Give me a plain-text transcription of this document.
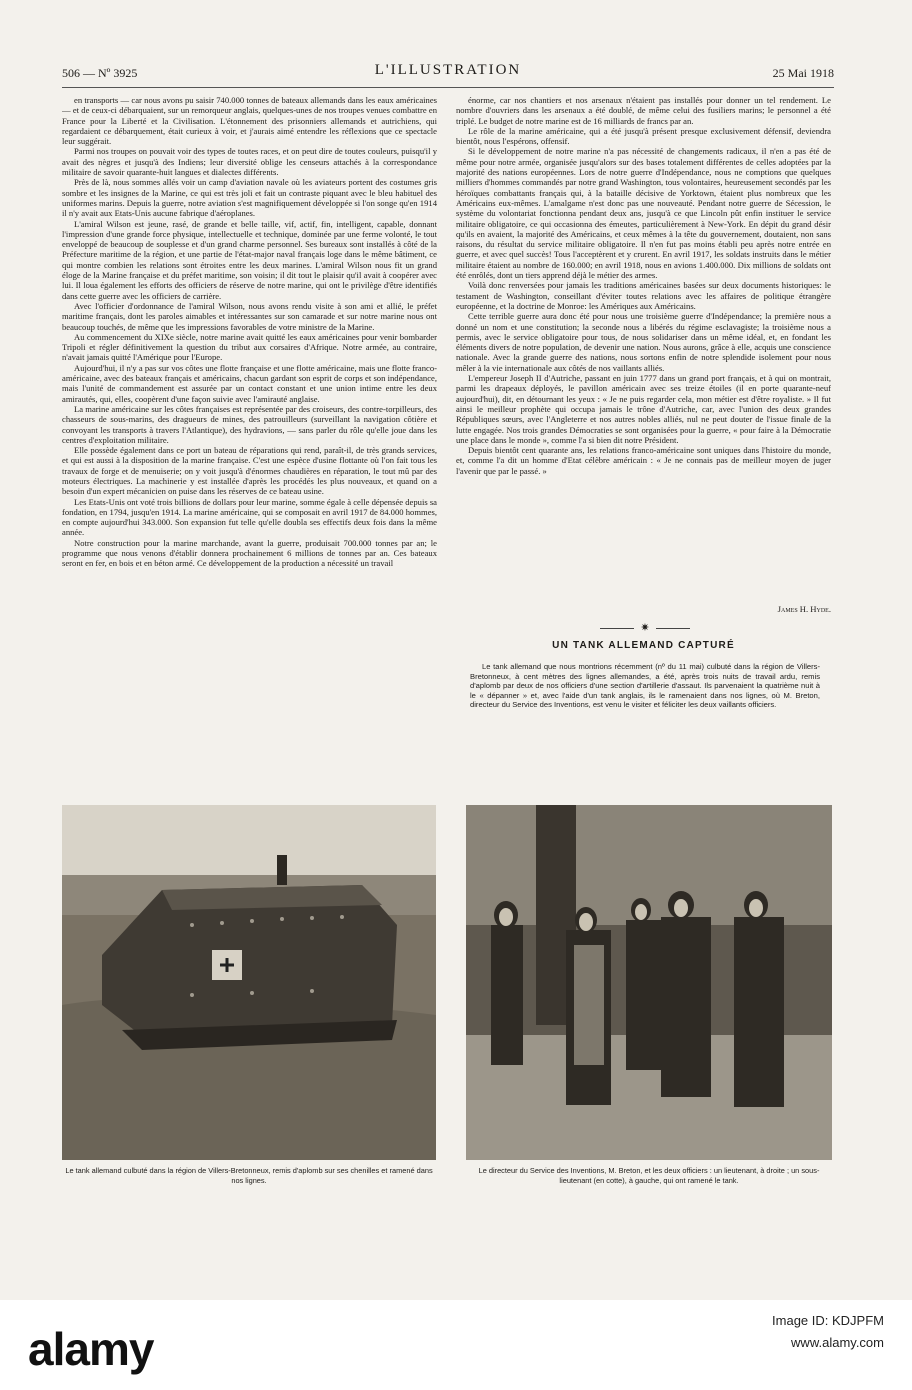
506 — Nº 3925	L'ILLUSTRATION	25 Mai 1918

en transports — car nous avons pu saisir 740.000 tonnes de bateaux allemands dans les eaux américaines — et de ceux-ci débarquaient, sur un remorqueur anglais, quelques-unes de nos troupes venues combattre en France pour la Liberté et la Civilisation. L'étonnement des prisonniers allemands et autrichiens, qui regardaient ce débarquement, était curieux à voir, et j'aurais aimé entendre les réflexions que ce spectacle leur suggérait.

Parmi nos troupes on pouvait voir des types de toutes races, et on peut dire de toutes couleurs, puisqu'il y avait des nègres et jusqu'à des Indiens; leur diversité oblige les censeurs attachés à la correspondance militaire de savoir quarante-huit langues et dialectes différents.

Près de là, nous sommes allés voir un camp d'aviation navale où les aviateurs portent des costumes gris sombre et les insignes de la Marine, ce qui est très joli et fait un contraste piquant avec le bleu habituel des uniformes marins. Depuis la guerre, notre aviation s'est magnifiquement développée si l'on songe qu'en 1914 il n'y avait aux Etats-Unis aucune fabrique d'aéroplanes.

L'amiral Wilson est jeune, rasé, de grande et belle taille, vif, actif, fin, intelligent, capable, donnant l'impression d'une grande force physique, intellectuelle et technique, dominée par une ferme volonté, le tout enveloppé de beaucoup de souplesse et d'un grand charme personnel. Ses bureaux sont installés à côté de la Préfecture maritime de la région, et une partie de l'état-major naval français loge dans le même bâtiment, ce qui montre combien les relations sont étroites entre les deux marines. L'amiral Wilson nous fit un grand éloge de la Marine française et du préfet maritime, son voisin; il dit tout le plaisir qu'il avait à coopérer avec lui. Il loua également les efforts des officiers de réserve de notre marine, qui ont le privilège d'être identifiés dans cette guerre avec les officiers de carrière.

Avec l'officier d'ordonnance de l'amiral Wilson, nous avons rendu visite à son ami et allié, le préfet maritime français, dont les paroles aimables et intéressantes sur son camarade et sur notre marine nous ont beaucoup touchés, de même que les impressions favorables de votre ministre de la Marine.

Au commencement du XIXe siècle, notre marine avait quitté les eaux américaines pour venir bombarder Tripoli et régler définitivement la question du tribut aux corsaires d'Afrique. Notre armée, au contraire, n'avait jamais quitté l'Amérique pour l'Europe.

Aujourd'hui, il n'y a pas sur vos côtes une flotte française et une flotte américaine, mais une flotte franco-américaine, avec des bateaux français et américains, chacun gardant son esprit de corps et son indépendance, mais l'unité de commandement est assurée par un contact constant et une union intime entre les deux amirautés, qui, elles, coopèrent d'une façon suivie avec l'amirauté anglaise.

La marine américaine sur les côtes françaises est représentée par des croiseurs, des contre-torpilleurs, des chasseurs de sous-marins, des dragueurs de mines, des patrouilleurs (surveillant la navigation côtière et convoyant les transports à travers l'Atlantique), des hydravions, — sans parler du rôle qu'elle joue dans les centres d'exploitation militaire.

Elle possède également dans ce port un bateau de réparations qui rend, paraît-il, de très grands services, et qui est aussi à la disposition de la marine française. C'est une espèce d'usine flottante où l'on fait tous les travaux de forge et de menuiserie; on y voit jusqu'à d'énormes chaudières en réparation, le tout mû par des moteurs électriques. La machinerie y est installée d'après les procédés les plus nouveaux, et quand on a besoin d'un expert mécanicien on puise dans les réserves de ce bateau usine.

Les Etats-Unis ont voté trois billions de dollars pour leur marine, somme égale à celle dépensée depuis sa fondation, en 1794, jusqu'en 1914. La marine américaine, qui se composait en avril 1917 de 84.000 hommes, en compte aujourd'hui 343.000. Son expansion fut telle qu'elle doubla ses effectifs deux fois dans la même année.

Notre construction pour la marine marchande, avant la guerre, produisait 700.000 tonnes par an; le programme que nous venons d'établir donnera prochainement 6 millions de tonnes par an. Ces bateaux seront en fer, en bois et en béton armé. Ce développement de la production a nécessité un travail

énorme, car nos chantiers et nos arsenaux n'étaient pas installés pour donner un tel rendement. Le nombre d'ouvriers dans les arsenaux a été doublé, de même celui des fusiliers marins; le personnel a été triplé. Le budget de notre marine est de 16 milliards de francs par an.

Le rôle de la marine américaine, qui a été jusqu'à présent presque exclusivement défensif, deviendra bientôt, nous l'espérons, offensif.

Si le développement de notre marine n'a pas nécessité de changements radicaux, il n'en a pas été de même pour notre armée, organisée jusqu'alors sur des bases totalement différentes de celles adoptées par la majorité des nations européennes. Lors de notre guerre d'Indépendance, nous ne comptions que quelques milliers d'hommes commandés par notre grand Washington, tous volontaires, heureusement secondés par les héroïques combattants français qui, à la bataille décisive de Yorktown, étaient plus nombreux que les Américains eux-mêmes. L'amalgame n'est donc pas une nouveauté. Pendant notre guerre de Sécession, le système du volontariat fonctionna pendant deux ans, jusqu'à ce que Lincoln pût enfin instituer le service militaire obligatoire, ce qui occasionna des émeutes, particulièrement à New-York. En dépit du grand désir qu'ils en avaient, la majorité des Américains, et ceux mêmes à la tête du gouvernement, doutaient, non sans raisons, du résultat du service militaire obligatoire. Il n'en fut pas moins établi peu après notre entrée en guerre, et avec quel succès! Tous l'acceptèrent et y crurent. En avril 1917, les soldats instruits dans le métier militaire étaient au nombre de 160.000; en avril 1918, nous en avions 1.400.000. Dix millions de soldats ont été enrôlés, dont un tiers apprend déjà le métier des armes.

Voilà donc renversées pour jamais les traditions américaines basées sur deux documents historiques: le testament de Washington, conseillant d'éviter toutes relations avec les affaires de politique étrangère européenne, et la doctrine de Monroe: les Amériques aux Américains.

Cette terrible guerre aura donc été pour nous une troisième guerre d'Indépendance; la première nous a donné un nom et une constitution; la seconde nous a libérés du régime esclavagiste; la troisième nous a permis, avec le service obligatoire pour tous, de nous solidariser dans un même idéal, et, en fondant les éléments divers de notre population, de devenir une nation. Nous aurons, grâce à elle, acquis une conscience nationale. Avec la grande guerre des nations, nous sortons enfin de notre splendide isolement pour nous mêler à la vie internationale aux côtés de nos vaillants alliés.

L'empereur Joseph II d'Autriche, passant en juin 1777 dans un grand port français, et à qui on montrait, parmi les drapeaux déployés, le pavillon américain avec ses treize étoiles (il en porte quarante-neuf aujourd'hui), dit, en détournant les yeux : « Je ne puis regarder cela, mon métier est d'être royaliste. » Il fut ainsi le meilleur prophète qui occupa jamais le trône d'Autriche, car, avec l'union des deux grandes Républiques sœurs, avec l'Angleterre et nos autres nobles alliés, nul ne peut douter de l'issue finale de la lutte engagée. Nos trois grandes Démocraties se sont organisées pour la guerre, « pour faire à la Démocratie une place dans le monde », comme l'a si bien dit notre Président.

Depuis bientôt cent quarante ans, les relations franco-américaine sont uniques dans l'histoire du monde, et, comme l'a dit un homme d'Etat célèbre américain : « Je ne connais pas de meilleur moyen de juger l'avenir que par le passé. »

James H. Hyde.
✷
UN TANK ALLEMAND CAPTURÉ

Le tank allemand que nous montrions récemment (nº du 11 mai) culbuté dans la région de Villers-Bretonneux, à cent mètres des lignes allemandes, a été, après trois nuits de travail ardu, remis d'aplomb par deux de nos officiers d'une section d'artillerie d'assaut. Ils parvenaient la quatrième nuit à le « dépanner » et, avec l'aide d'un tank anglais, ils le ramenaient dans nos lignes, où M. Breton, directeur du Service des Inventions, est venu le visiter et féliciter les deux vaillants officiers.

Le tank allemand culbuté dans la région de Villers-Bretonneux, remis d'aplomb sur ses chenilles et ramené dans nos lignes.
Le directeur du Service des Inventions, M. Breton, et les deux officiers : un lieutenant, à droite ; un sous-lieutenant (en cotte), à gauche, qui ont ramené le tank.
alamy
Image ID: KDJPFM
www.alamy.com
